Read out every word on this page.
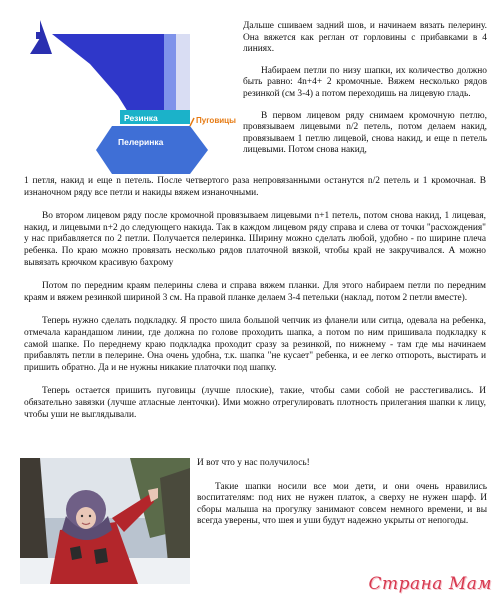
Резинка
Пелеринка
Пуговицы

Дальше сшиваем задний шов, и начинаем вязать пелерину. Она вяжется как реглан от горловины с прибавками в 4 линиях.

Набираем петли по низу шапки, их количество должно быть равно: 4n+4+ 2 кромочные. Вяжем несколько рядов резинкой (см 3-4) а потом переходишь на лицевую гладь.

В первом лицевом ряду снимаем кромочную петлю, провязываем лицевыми n/2 петель, потом делаем накид, провязываем 1 петлю лицевой, снова накид, и еще n петель лицевыми. Потом снова накид,

1 петля, накид и еще n петель. После четвертого раза непровязанными останутся n/2 петель и 1 кромочная. В изнаночном ряду все петли и накиды вяжем изнаночными.

Во втором лицевом ряду после кромочной провязываем лицевыми n+1 петель, потом снова накид, 1 лицевая, накид, и лицевыми n+2 до следующего накида. Так в каждом лицевом ряду справа и слева от точки "расхождения" у нас прибавляется по 2 петли. Получается пелеринка. Ширину можно сделать любой, удобно - по ширине плеча ребенка. По краю можно провязать несколько рядов платочной вязкой, чтобы край не закручивался. А можно вывязать крючком красивую бахрому

Потом по передним краям пелерины слева и справа вяжем планки. Для этого набираем петли по передним краям и вяжем резинкой шириной 3 см. На правой планке делаем 3-4 петельки (наклад, потом 2 петли вместе).

Теперь нужно сделать подкладку. Я просто шила большой чепчик из фланели или ситца, одевала на ребенка, отмечала карандашом линии, где должна по голове проходить шапка, а потом по ним пришивала подкладку к самой шапке. По переднему краю подкладка проходит сразу за резинкой, по нижнему - там где мы начинаем прибавлять петли в пелерине. Она очень удобна, т.к. шапка "не кусает" ребенка, и ее легко отпороть, выстирать и пришить обратно. Да и не нужны никакие платочки под шапку.

Теперь остается пришить пуговицы (лучше плоские), такие, чтобы сами собой не расстегивались. И обязательно завязки (лучше атласные ленточки). Ими можно отрегулировать плотность прилегания шапки к лицу, чтобы уши не выглядывали.

И вот что у нас получилось!

Такие шапки носили все мои дети, и они очень нравились воспитателям: под них не нужен платок, а сверху не нужен шарф. И сборы малыша на прогулку занимают совсем немного времени, и вы всегда уверены, что шея и уши будут надежно укрыты от непогоды.

Страна Мам
